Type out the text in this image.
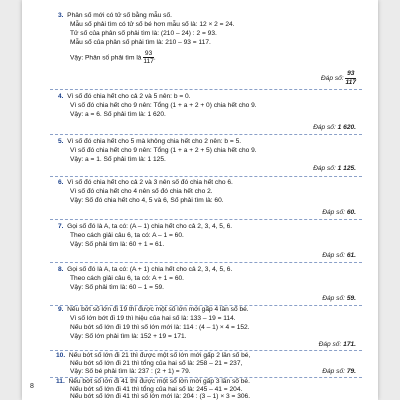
3. Phân số mới có tử số bằng mẫu số.
Mẫu số phải tìm có tử số bé hơn mẫu số là: 12 × 2 = 24.
Tử số của phân số phải tìm là: (210 – 24) : 2 = 93.
Mẫu số của phân số phải tìm là: 210 – 93 = 117.
Vậy: Phân số phải tìm là $\frac{93}{117}$ .
Đáp số: $\frac{93}{117}$
4. Vì số đó chia hết cho cả 2 và 5 nên: b = 0.
Vì số đó chia hết cho 9 nên: Tổng (1 + a + 2 + 0) chia hết cho 9.
Vậy: a = 6. Số phải tìm là: 1 620.
Đáp số: 1 620.
5. Vì số đó chia hết cho 5 mà không chia hết cho 2 nên: b = 5.
Vì số đó chia hết cho 9 nên: Tổng (1 + a + 2 + 5) chia hết cho 9.
Vậy: a = 1. Số phải tìm là: 1 125.
Đáp số: 1 125.
6. Vì số đó chia hết cho cả 2 và 3 nên số đó chia hết cho 6.
Vì số đó chia hết cho 4 nên số đó chia hết cho 2.
Vậy: Số đó chia hết cho 4, 5 và 6, Số phải tìm là: 60.
Đáp số: 60.
7. Gọi số đó là A, ta có: (A – 1) chia hết cho cả 2, 3, 4, 5, 6.
Theo cách giải câu 6, ta có: A – 1 = 60.
Vậy: Số phải tìm là: 60 + 1 = 61.
Đáp số: 61.
8. Gọi số đó là A, ta có: (A + 1) chia hết cho cả 2, 3, 4, 5, 6.
Theo cách giải câu 6, ta có: A + 1 = 60.
Vậy: Số phải tìm là: 60 – 1 = 59.
Đáp số: 59.
9. Nếu bớt số lớn đi 19 thì được một số lớn mới gấp 4 lần số bé.
Vì số lớn bớt đi 19 thì hiệu của hai số là: 133 – 19 = 114.
Nếu bớt số lớn đi 19 thì số lớn mới là: 114 : (4 – 1) × 4 = 152.
Vậy: Số lớn phải tìm là: 152 + 19 = 171.
Đáp số: 171.
10. Nếu bớt số lớn đi 21 thì được một số lớn mới gấp 2 lần số bé,
Nếu bớt số lớn đi 21 thì tổng của hai số là: 258 – 21 = 237,
Vậy: Số bé phải tìm là: 237 : (2 + 1) = 79.	Đáp số: 79.
11. Nếu bớt số lớn đi 41 thì được một số lớn mới gấp 3 lần số bé.
Nếu bớt số lớn đi 41 thì tổng của hai số là: 245 – 41 = 204.
Nếu bớt số lớn đi 41 thì số lớn mới là: 204 : (3 – 1) × 3 = 306.
8
